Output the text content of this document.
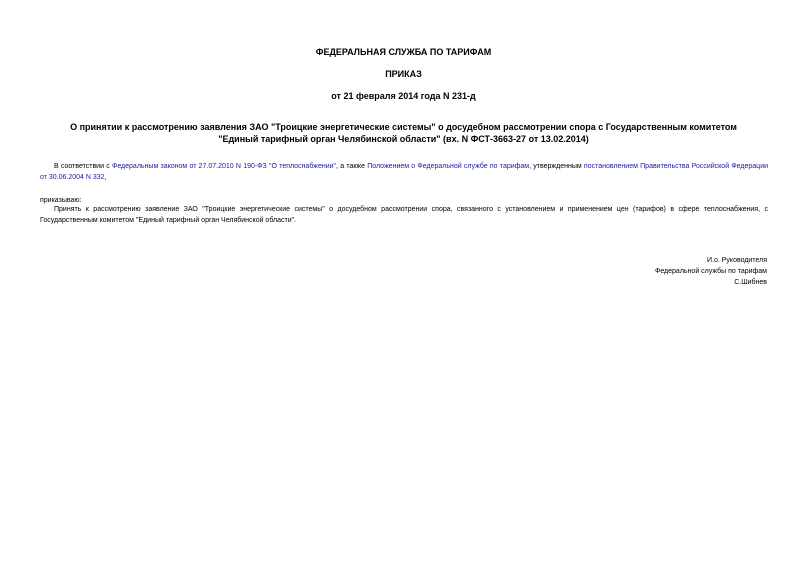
ФЕДЕРАЛЬНАЯ СЛУЖБА ПО ТАРИФАМ
ПРИКАЗ
от 21 февраля 2014 года N 231-д
О принятии к рассмотрению заявления ЗАО "Троицкие энергетические системы" о досудебном рассмотрении спора с Государственным комитетом "Единый тарифный орган Челябинской области" (вх. N ФСТ-3663-27 от 13.02.2014)
В соответствии с Федеральным законом от 27.07.2010 N 190-ФЗ "О теплоснабжении", а также Положением о Федеральной службе по тарифам, утвержденным постановлением Правительства Российской Федерации от 30.06.2004 N 332,
приказываю:
Принять к рассмотрению заявление ЗАО "Троицкие энергетические системы" о досудебном рассмотрении спора, связанного с установлением и применением цен (тарифов) в сфере теплоснабжения, с Государственным комитетом "Единый тарифный орган Челябинской области".
И.о. Руководителя
Федеральной службы по тарифам
С.Шибнев
